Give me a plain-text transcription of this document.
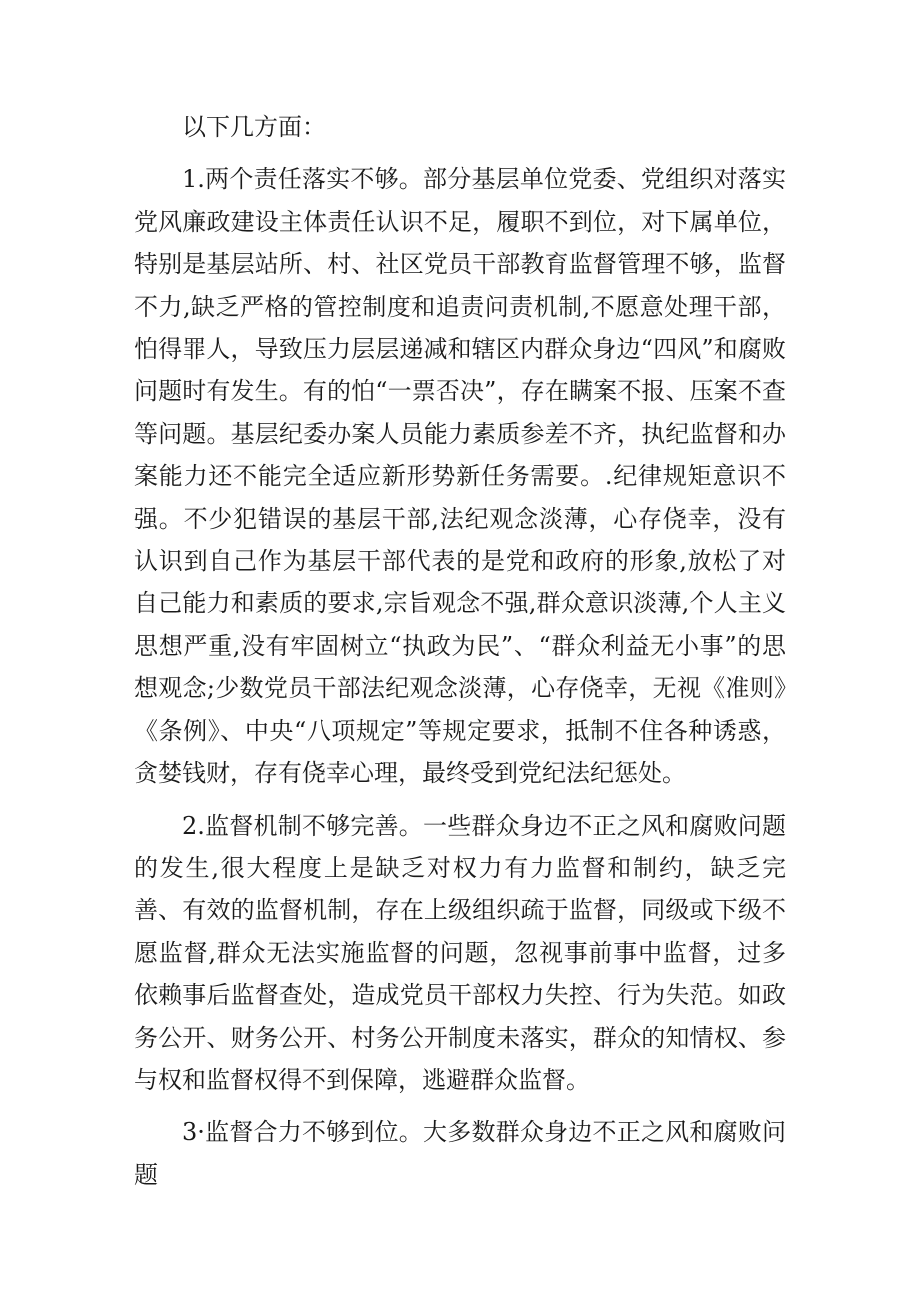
以下几方面：

1.两个责任落实不够。部分基层单位党委、党组织对落实党风廉政建设主体责任认识不足，履职不到位，对下属单位，特别是基层站所、村、社区党员干部教育监督管理不够，监督不力,缺乏严格的管控制度和追责问责机制,不愿意处理干部，怕得罪人，导致压力层层递减和辖区内群众身边“四风”和腐败问题时有发生。有的怕“一票否决”，存在瞒案不报、压案不查等问题。基层纪委办案人员能力素质参差不齐，执纪监督和办案能力还不能完全适应新形势新任务需要。.纪律规矩意识不强。不少犯错误的基层干部,法纪观念淡薄，心存侥幸，没有认识到自己作为基层干部代表的是党和政府的形象,放松了对自己能力和素质的要求,宗旨观念不强,群众意识淡薄,个人主义思想严重,没有牢固树立“执政为民”、“群众利益无小事”的思想观念;少数党员干部法纪观念淡薄，心存侥幸，无视《准则》《条例》、中央“八项规定”等规定要求，抵制不住各种诱惑，贪婪钱财，存有侥幸心理，最终受到党纪法纪惩处。

2.监督机制不够完善。一些群众身边不正之风和腐败问题的发生,很大程度上是缺乏对权力有力监督和制约，缺乏完善、有效的监督机制，存在上级组织疏于监督，同级或下级不愿监督,群众无法实施监督的问题，忽视事前事中监督，过多依赖事后监督查处，造成党员干部权力失控、行为失范。如政务公开、财务公开、村务公开制度未落实，群众的知情权、参与权和监督权得不到保障，逃避群众监督。

3·监督合力不够到位。大多数群众身边不正之风和腐败问题
